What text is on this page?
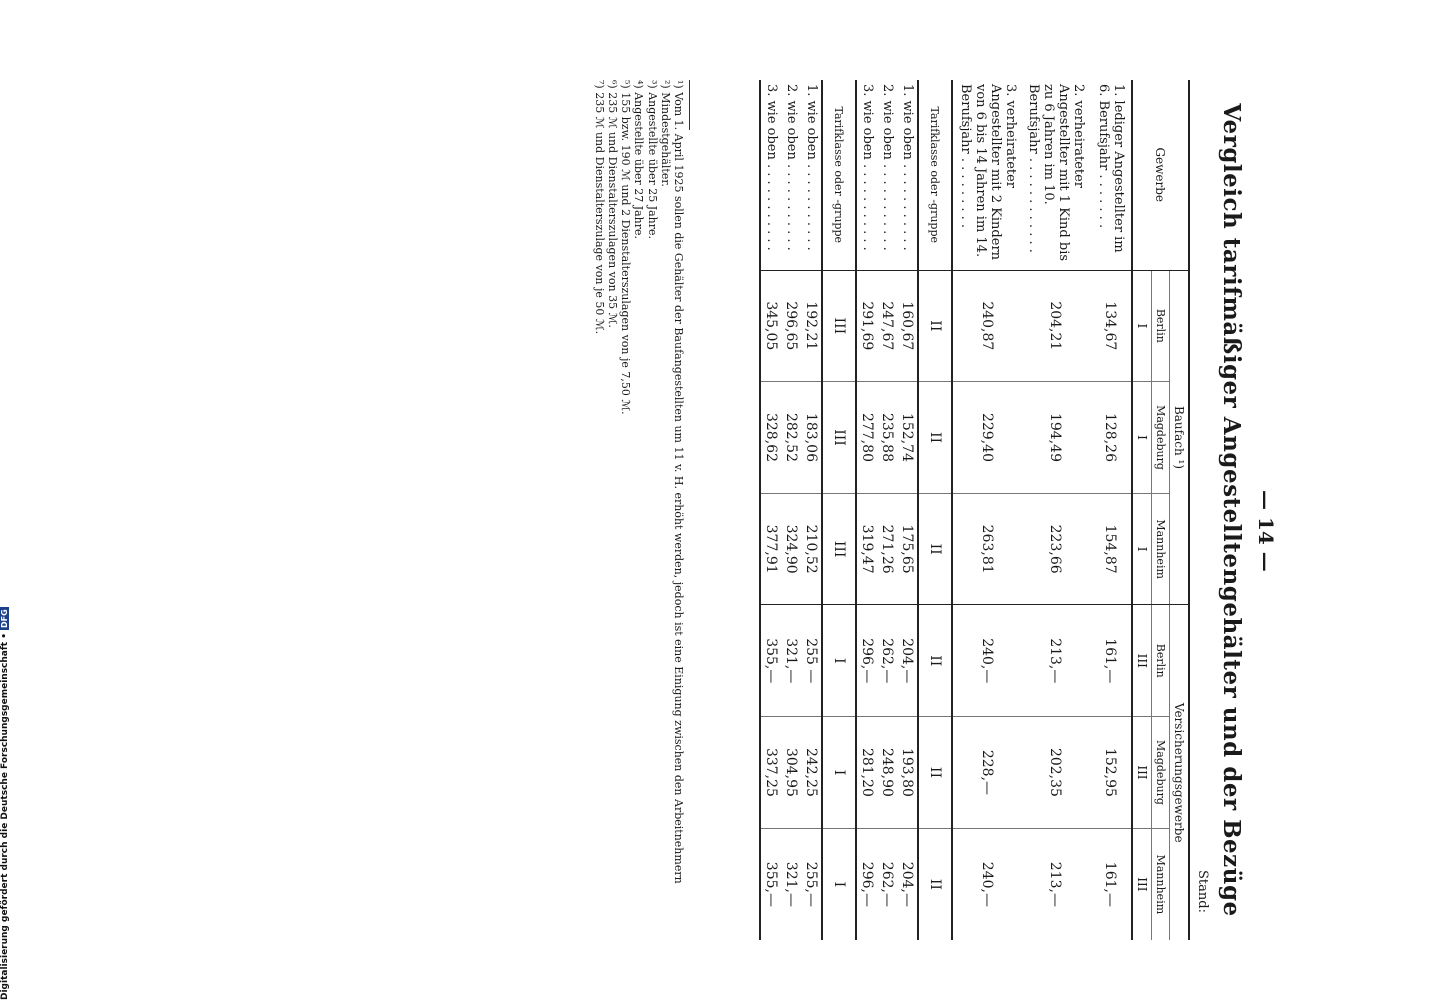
— 14 —
Vergleich tarifmäßiger Angestelltengehälter und der Bezüge
Stand:
Gewerbe	Baufach ¹)			Versicherungsgewerbe		
	Berlin	Magdeburg	Mannheim	Berlin	Magdeburg	Mannheim
	I	I	I	III	III	III
1. lediger Angestellter im 6. Berufsjahr . . . . . . .	134,67	128,26	154,87	161,—	152,95	161,—
2. verheirateter Angestellter mit 1 Kind bis zu 6 Jahren im 10. Berufsjahr . . . . . . . . . . . .	204,21	194,49	223,66	213,—	202,35	213,—
3. verheirateter Angestellter mit 2 Kindern von 6 bis 14 Jahren im 14. Berufsjahr . . . . . . . . .	240,87	229,40	263,81	240,—	228,—	240,—
Tarifklasse oder -gruppe	II	II	II	II	II	II
1. wie oben . . . . . . . . . . .	160,67	152,74	175,65	204,—	193,80	204,—
2. wie oben . . . . . . . . . . .	247,67	235,88	271,26	262,—	248,90	262,—
3. wie oben . . . . . . . . . . .	291,69	277,80	319,47	296,—	281,20	296,—
Tarifklasse oder -gruppe	III	III	III	I	I	I
1. wie oben . . . . . . . . . . .	192,21	183,06	210,52	255 —	242,25	255,—
2. wie oben . . . . . . . . . . .	296,65	282,52	324,90	321,—	304,95	321,—
3. wie oben . . . . . . . . . . .	345,05	328,62	377,91	355,—	337,25	355,—
¹) Vom 1. April 1925 sollen die Gehälter der Baufangestellten um 11 v. H. erhöht werden, jedoch ist eine Einigung zwischen den Arbeitnehmern
²) Mindestgehälter.
³) Angestellte über 25 Jahre.
⁴) Angestellte über 27 Jahre.
⁵) 155 bzw. 190 ℳ und 2 Dienstalterszulagen von je 7,50 ℳ.
⁶) 235 ℳ und Dienstalterszulagen von 35 ℳ.
⁷) 235 ℳ und Dienstalterszulage von je 50 ℳ.
Digitalisierung gefördert durch die Deutsche Forschungsgemeinschaft •DFG
